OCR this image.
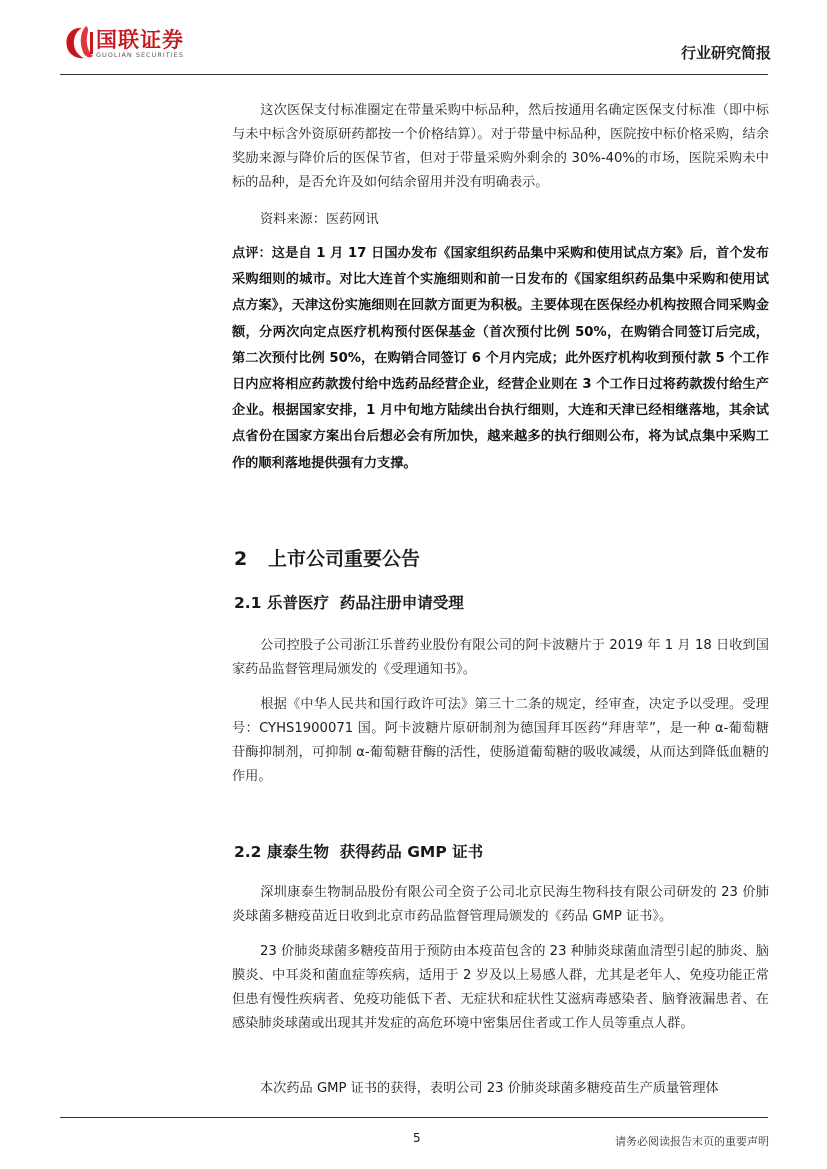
国联证券
GUOLIAN SECURITIES	行业研究简报
这次医保支付标准圈定在带量采购中标品种，然后按通用名确定医保支付标准（即中标与未中标含外资原研药都按一个价格结算）。对于带量中标品种，医院按中标价格采购，结余奖励来源与降价后的医保节省，但对于带量采购外剩余的 30%-40%的市场，医院采购未中标的品种，是否允许及如何结余留用并没有明确表示。
资料来源：医药网讯
点评：这是自 1 月 17 日国办发布《国家组织药品集中采购和使用试点方案》后，首个发布采购细则的城市。对比大连首个实施细则和前一日发布的《国家组织药品集中采购和使用试点方案》，天津这份实施细则在回款方面更为积极。主要体现在医保经办机构按照合同采购金额，分两次向定点医疗机构预付医保基金（首次预付比例 50%，在购销合同签订后完成，第二次预付比例 50%，在购销合同签订 6 个月内完成；此外医疗机构收到预付款 5 个工作日内应将相应药款拨付给中选药品经营企业，经营企业则在 3 个工作日过将药款拨付给生产企业。根据国家安排，1 月中旬地方陆续出台执行细则，大连和天津已经相继落地，其余试点省份在国家方案出台后想必会有所加快，越来越多的执行细则公布，将为试点集中采购工作的顺利落地提供强有力支撑。
2 上市公司重要公告
2.1 乐普医疗  药品注册申请受理
公司控股子公司浙江乐普药业股份有限公司的阿卡波糖片于 2019 年 1 月 18 日收到国家药品监督管理局颁发的《受理通知书》。
根据《中华人民共和国行政许可法》第三十二条的规定，经审查，决定予以受理。受理号：CYHS1900071 国。阿卡波糖片原研制剂为德国拜耳医药“拜唐苹”，是一种 α-葡萄糖苷酶抑制剂，可抑制 α-葡萄糖苷酶的活性，使肠道葡萄糖的吸收减缓，从而达到降低血糖的作用。
2.2 康泰生物  获得药品 GMP 证书
深圳康泰生物制品股份有限公司全资子公司北京民海生物科技有限公司研发的 23 价肺炎球菌多糖疫苗近日收到北京市药品监督管理局颁发的《药品 GMP 证书》。
23 价肺炎球菌多糖疫苗用于预防由本疫苗包含的 23 种肺炎球菌血清型引起的肺炎、脑膜炎、中耳炎和菌血症等疾病，适用于 2 岁及以上易感人群，尤其是老年人、免疫功能正常但患有慢性疾病者、免疫功能低下者、无症状和症状性艾滋病毒感染者、脑脊液漏患者、在感染肺炎球菌或出现其并发症的高危环境中密集居住者或工作人员等重点人群。
本次药品 GMP 证书的获得，表明公司 23 价肺炎球菌多糖疫苗生产质量管理体
5	请务必阅读报告末页的重要声明
